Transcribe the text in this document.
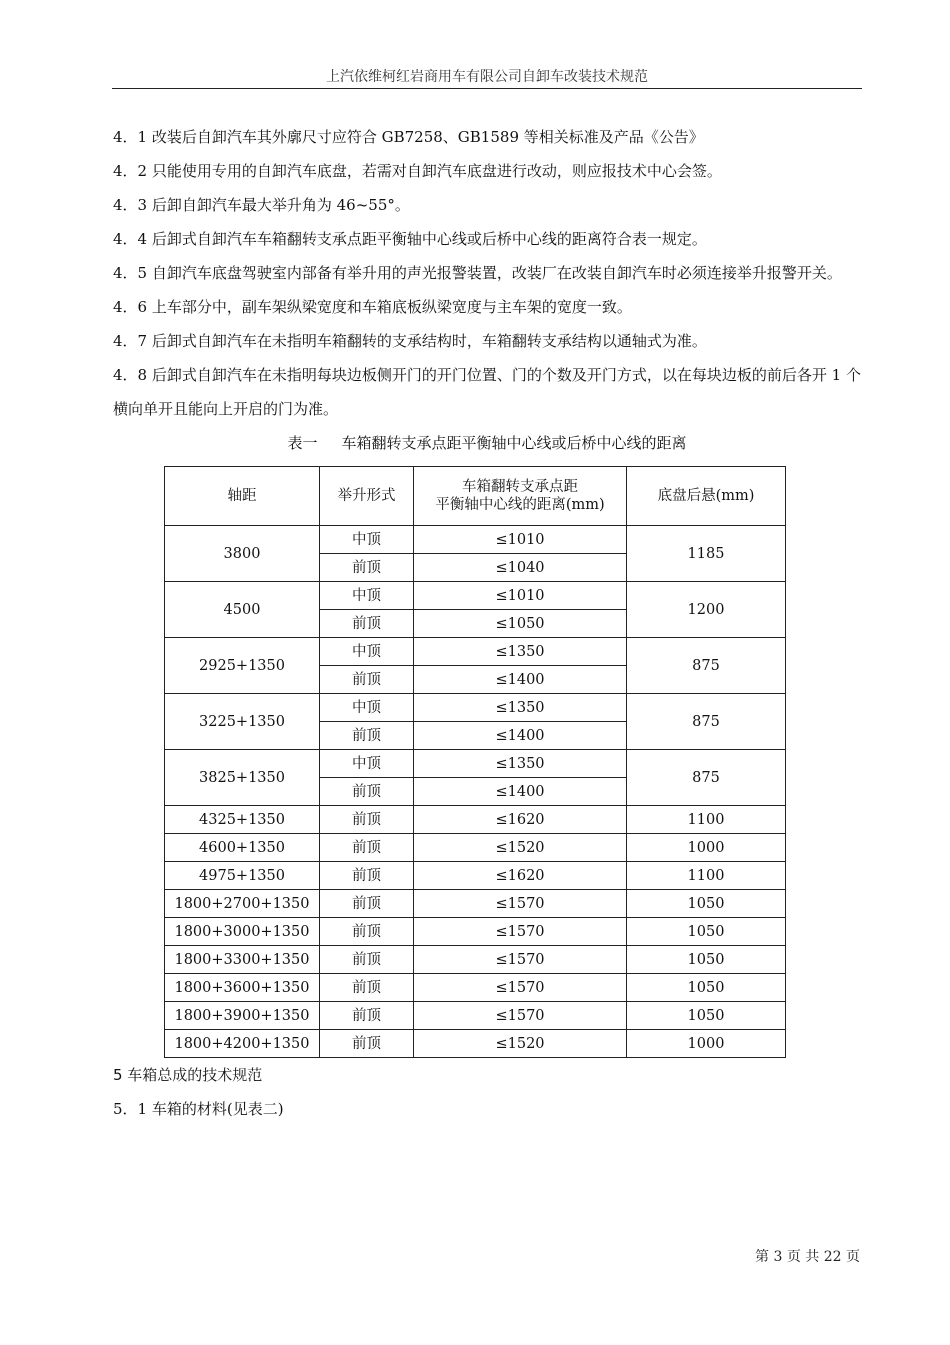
上汽依维柯红岩商用车有限公司自卸车改装技术规范

4．1 改装后自卸汽车其外廓尺寸应符合 GB7258、GB1589 等相关标准及产品《公告》

4．2 只能使用专用的自卸汽车底盘，若需对自卸汽车底盘进行改动，则应报技术中心会签。

4．3 后卸自卸汽车最大举升角为 46~55°。

4．4 后卸式自卸汽车车箱翻转支承点距平衡轴中心线或后桥中心线的距离符合表一规定。

4．5 自卸汽车底盘驾驶室内部备有举升用的声光报警装置，改装厂在改装自卸汽车时必须连接举升报警开关。

4．6 上车部分中，副车架纵梁宽度和车箱底板纵梁宽度与主车架的宽度一致。

4．7 后卸式自卸汽车在未指明车箱翻转的支承结构时，车箱翻转支承结构以通轴式为准。

4．8 后卸式自卸汽车在未指明每块边板侧开门的开门位置、门的个数及开门方式，以在每块边板的前后各开 1 个横向单开且能向上开启的门为准。

表一 车箱翻转支承点距平衡轴中心线或后桥中心线的距离

轴距	举升形式	车箱翻转支承点距
平衡轴中心线的距离(mm)	底盘后悬(mm)
3800	中顶	≤1010	1185
	前顶	≤1040	
4500	中顶	≤1010	1200
	前顶	≤1050	
2925+1350	中顶	≤1350	875
	前顶	≤1400	
3225+1350	中顶	≤1350	875
	前顶	≤1400	
3825+1350	中顶	≤1350	875
	前顶	≤1400	
4325+1350	前顶	≤1620	1100
4600+1350	前顶	≤1520	1000
4975+1350	前顶	≤1620	1100
1800+2700+1350	前顶	≤1570	1050
1800+3000+1350	前顶	≤1570	1050
1800+3300+1350	前顶	≤1570	1050
1800+3600+1350	前顶	≤1570	1050
1800+3900+1350	前顶	≤1570	1050
1800+4200+1350	前顶	≤1520	1000

5 车箱总成的技术规范

5．1 车箱的材料(见表二)

第 3 页 共 22 页
